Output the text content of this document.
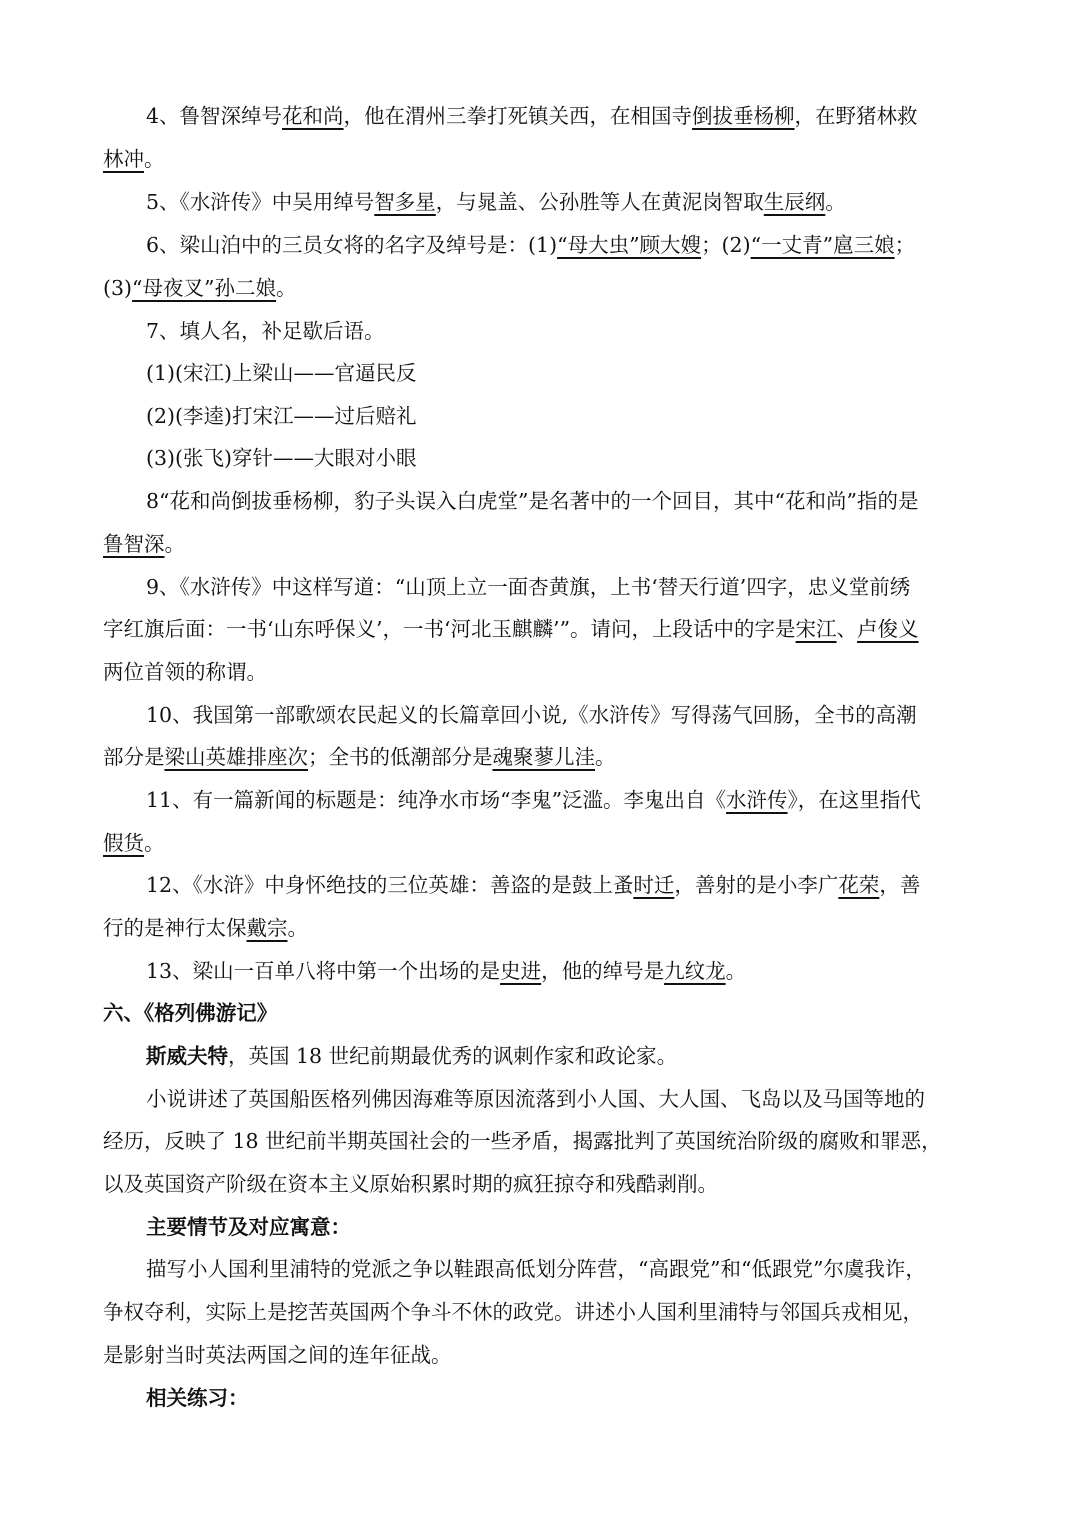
4、鲁智深绰号花和尚，他在渭州三拳打死镇关西，在相国寺倒拔垂杨柳，在野猪林救
林冲。
5、《水浒传》中吴用绰号智多星，与晁盖、公孙胜等人在黄泥岗智取生辰纲。
6、梁山泊中的三员女将的名字及绰号是：(1)“母大虫”顾大嫂；(2)“一丈青”扈三娘；
(3)“母夜叉”孙二娘。
7、填人名，补足歇后语。
(1)(宋江)上梁山——官逼民反
(2)(李逵)打宋江——过后赔礼
(3)(张飞)穿针——大眼对小眼
8“花和尚倒拔垂杨柳，豹子头误入白虎堂”是名著中的一个回目，其中“花和尚”指的是
鲁智深。
9、《水浒传》中这样写道：“山顶上立一面杏黄旗，上书‘替天行道’四字，忠义堂前绣
字红旗后面：一书‘山东呼保义’，一书‘河北玉麒麟’”。请问，上段话中的字是宋江、卢俊义
两位首领的称谓。
10、我国第一部歌颂农民起义的长篇章回小说,《水浒传》写得荡气回肠，全书的高潮
部分是梁山英雄排座次；全书的低潮部分是魂聚蓼儿洼。
11、有一篇新闻的标题是：纯净水市场“李鬼”泛滥。李鬼出自《水浒传》，在这里指代
假货。
12、《水浒》中身怀绝技的三位英雄：善盗的是鼓上蚤时迁，善射的是小李广花荣，善
行的是神行太保戴宗。
13、梁山一百单八将中第一个出场的是史进，他的绰号是九纹龙。
六、《格列佛游记》
斯威夫特，英国 18 世纪前期最优秀的讽刺作家和政论家。
小说讲述了英国船医格列佛因海难等原因流落到小人国、大人国、飞岛以及马国等地的
经历，反映了 18 世纪前半期英国社会的一些矛盾，揭露批判了英国统治阶级的腐败和罪恶，
以及英国资产阶级在资本主义原始积累时期的疯狂掠夺和残酷剥削。
主要情节及对应寓意：
描写小人国利里浦特的党派之争以鞋跟高低划分阵营，“高跟党”和“低跟党”尔虞我诈，
争权夺利，实际上是挖苦英国两个争斗不休的政党。讲述小人国利里浦特与邻国兵戎相见，
是影射当时英法两国之间的连年征战。
相关练习：
